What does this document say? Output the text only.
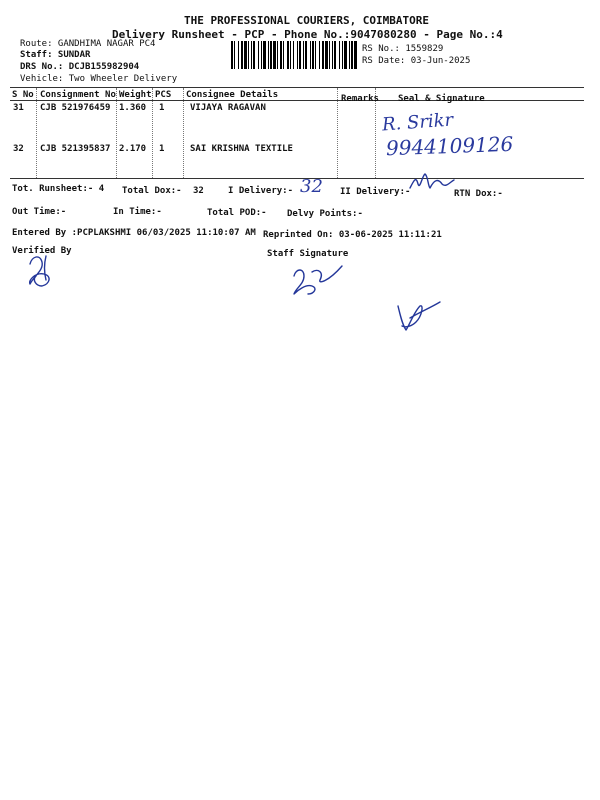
THE PROFESSIONAL COURIERS, COIMBATORE
Delivery Runsheet - PCP - Phone No.:9047080280 - Page No.:4
Route: GANDHIMA NAGAR PC4
Staff: SUNDAR
DRS No.: DCJB155982904
Vehicle: Two Wheeler Delivery
RS No.: 1559829
RS Date: 03-Jun-2025
S No Consignment No Weight PCS Consignee Details	Remarks Seal & Signature
31 CJB 521976459 1.360 1	VIJAYA RAGAVAN
32 CJB 521395837 2.170 1	SAI KRISHNA TEXTILE
R. Srikr
9944109126
Tot. Runsheet:- 4 Total Dox:- 32	I Delivery:- 32 II Delivery:-	RTN Dox:-
Out Time:-	In Time:-	Total POD:- Delvy Points:-
Entered By :PCPLAKSHMI 06/03/2025 11:10:07 AM Reprinted On: 03-06-2025 11:11:21
Verified By	Staff Signature
